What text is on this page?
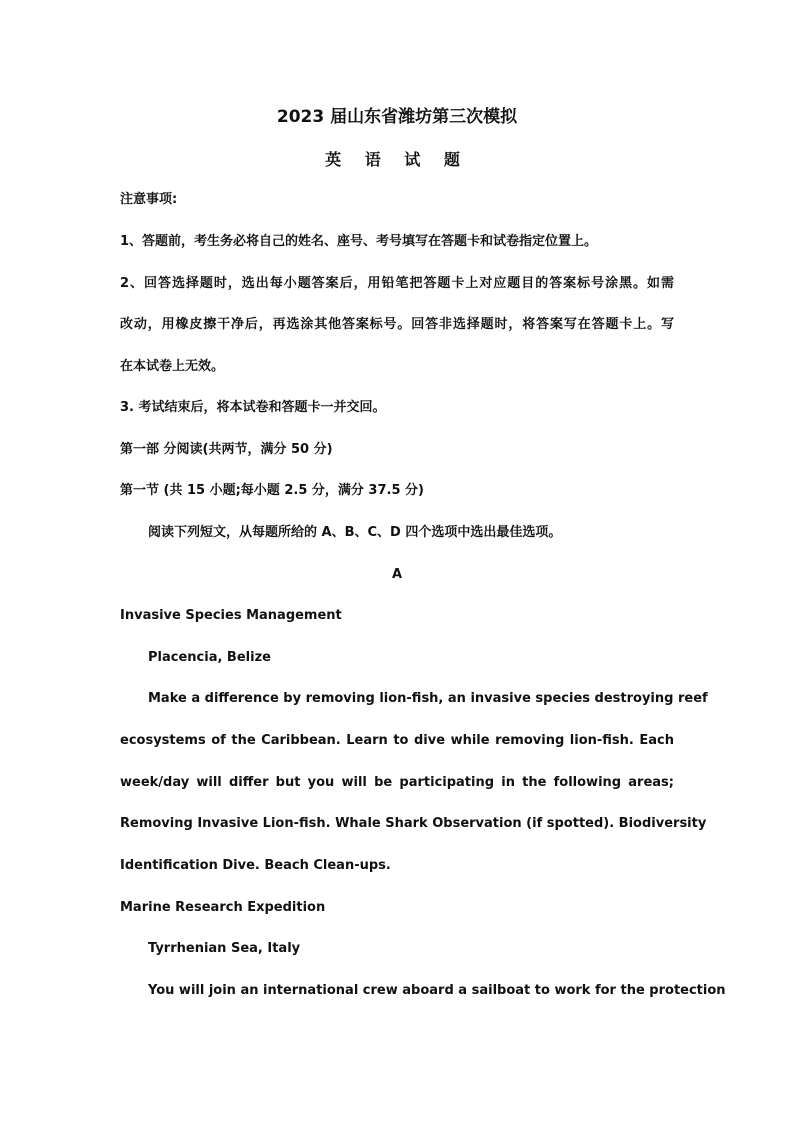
2023 届山东省潍坊第三次模拟
英 语 试 题
注意事项:
1、答题前，考生务必将自己的姓名、座号、考号填写在答题卡和试卷指定位置上。
2、回答选择题时，选出每小题答案后，用铅笔把答题卡上对应题目的答案标号涂黑。如需
改动，用橡皮擦干净后，再选涂其他答案标号。回答非选择题时，将答案写在答题卡上。写
在本试卷上无效。
3. 考试结束后，将本试卷和答题卡一并交回。
第一部 分阅读(共两节，满分 50 分)
第一节 (共 15 小题;每小题 2.5 分，满分 37.5 分)
阅读下列短文，从每题所给的 A、B、C、D 四个选项中选出最佳选项。
A
Invasive Species Management
Placencia, Belize
Make a difference by removing lion-fish, an invasive species destroying reef
ecosystems of the Caribbean. Learn to dive while removing lion-fish. Each
week/day will differ but you will be participating in the following areas;
Removing Invasive Lion-fish. Whale Shark Observation (if spotted). Biodiversity
Identification Dive. Beach Clean-ups.
Marine Research Expedition
Tyrrhenian Sea, Italy
You will join an international crew aboard a sailboat to work for the protection
